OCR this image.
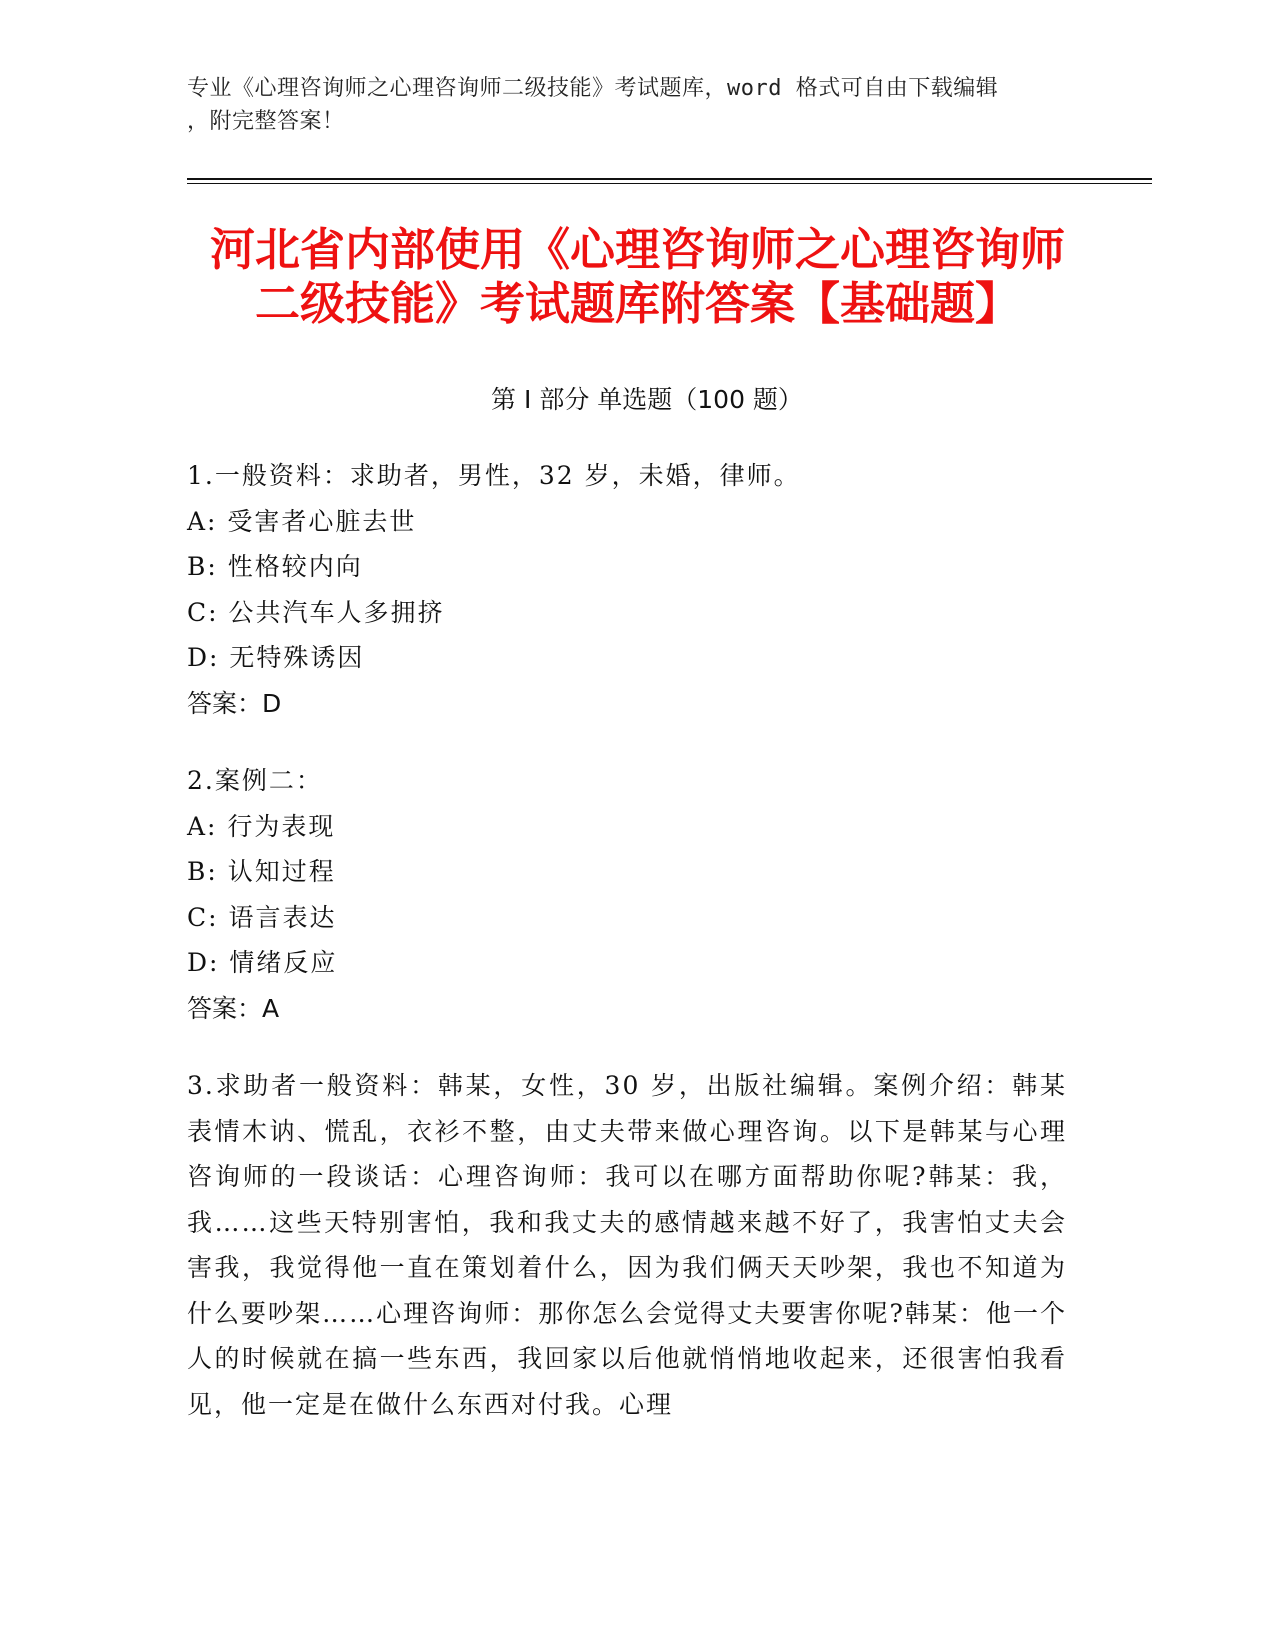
专业《心理咨询师之心理咨询师二级技能》考试题库，word 格式可自由下载编辑
，附完整答案！
河北省内部使用《心理咨询师之心理咨询师
二级技能》考试题库附答案【基础题】
第 I 部分 单选题（100 题）
1.一般资料：求助者，男性，32 岁，未婚，律师。
A: 受害者心脏去世
B: 性格较内向
C: 公共汽车人多拥挤
D: 无特殊诱因
答案：D
2.案例二：
A: 行为表现
B: 认知过程
C: 语言表达
D: 情绪反应
答案：A
3.求助者一般资料：韩某，女性，30 岁，出版社编辑。案例介绍：韩某表情木讷、慌乱，衣衫不整，由丈夫带来做心理咨询。以下是韩某与心理咨询师的一段谈话：心理咨询师：我可以在哪方面帮助你呢?韩某：我，我……这些天特别害怕，我和我丈夫的感情越来越不好了，我害怕丈夫会害我，我觉得他一直在策划着什么，因为我们俩天天吵架，我也不知道为什么要吵架……心理咨询师：那你怎么会觉得丈夫要害你呢?韩某：他一个人的时候就在搞一些东西，我回家以后他就悄悄地收起来，还很害怕我看见，他一定是在做什么东西对付我。心理
